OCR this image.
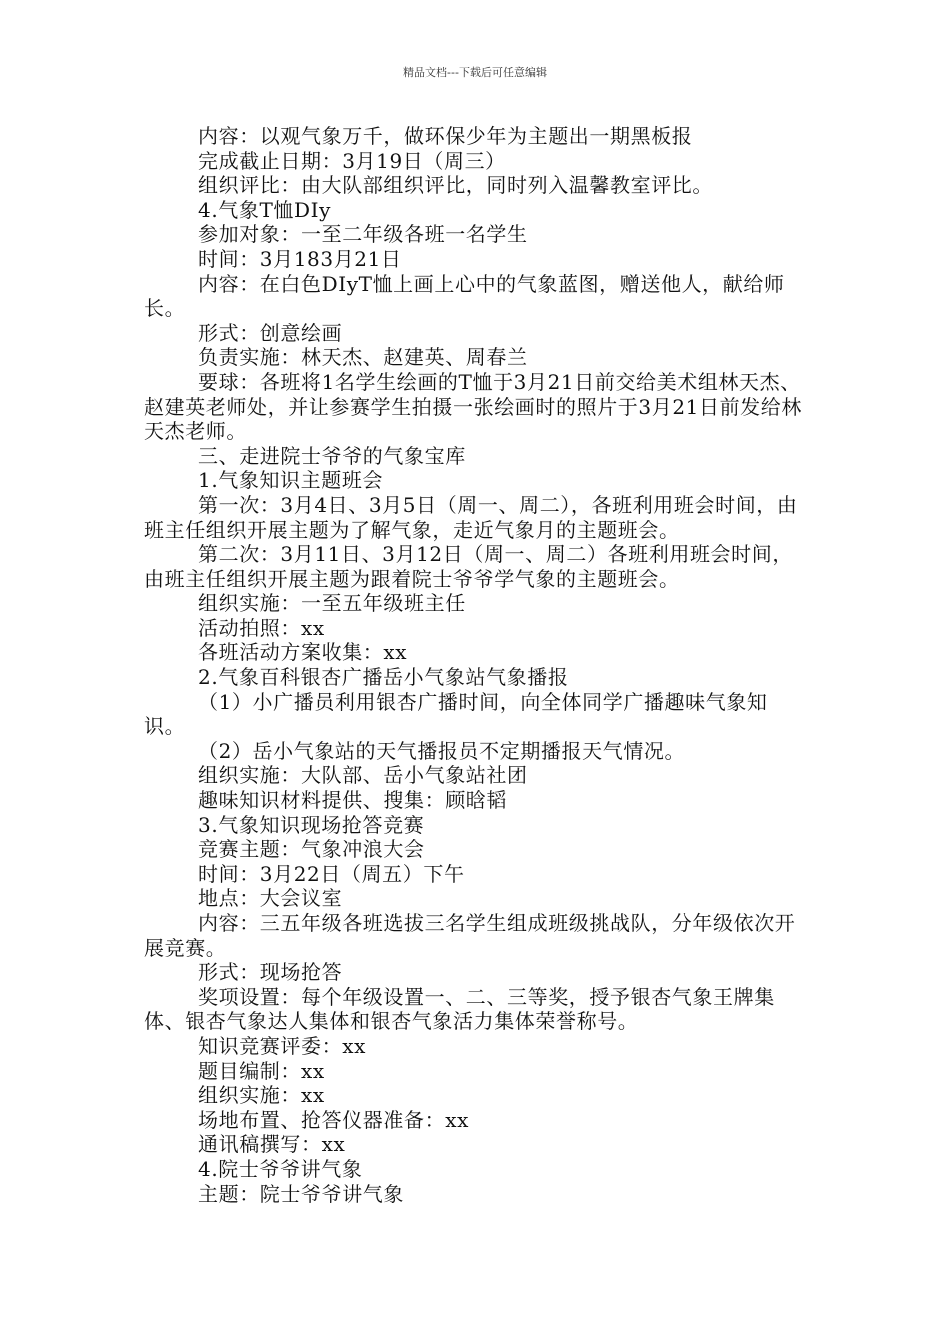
精品文档---下载后可任意编辑

内容：以观气象万千，做环保少年为主题出一期黑板报

完成截止日期：3月19日（周三）

组织评比：由大队部组织评比，同时列入温馨教室评比。

4.气象T恤DIy

参加对象：一至二年级各班一名学生

时间：3月183月21日

内容：在白色DIyT恤上画上心中的气象蓝图，赠送他人，献给师长。

形式：创意绘画

负责实施：林天杰、赵建英、周春兰

要球：各班将1名学生绘画的T恤于3月21日前交给美术组林天杰、赵建英老师处，并让参赛学生拍摄一张绘画时的照片于3月21日前发给林天杰老师。

三、走进院士爷爷的气象宝库

1.气象知识主题班会

第一次：3月4日、3月5日（周一、周二），各班利用班会时间，由班主任组织开展主题为了解气象，走近气象月的主题班会。

第二次：3月11日、3月12日（周一、周二）各班利用班会时间，由班主任组织开展主题为跟着院士爷爷学气象的主题班会。

组织实施：一至五年级班主任

活动拍照：xx

各班活动方案收集：xx

2.气象百科银杏广播岳小气象站气象播报

（1）小广播员利用银杏广播时间，向全体同学广播趣味气象知识。

（2）岳小气象站的天气播报员不定期播报天气情况。

组织实施：大队部、岳小气象站社团

趣味知识材料提供、搜集：顾晗韬

3.气象知识现场抢答竞赛

竞赛主题：气象冲浪大会

时间：3月22日（周五）下午

地点：大会议室

内容：三五年级各班选拔三名学生组成班级挑战队，分年级依次开展竞赛。

形式：现场抢答

奖项设置：每个年级设置一、二、三等奖，授予银杏气象王牌集体、银杏气象达人集体和银杏气象活力集体荣誉称号。

知识竞赛评委：xx

题目编制：xx

组织实施：xx

场地布置、抢答仪器准备：xx

通讯稿撰写：xx

4.院士爷爷讲气象

主题：院士爷爷讲气象
